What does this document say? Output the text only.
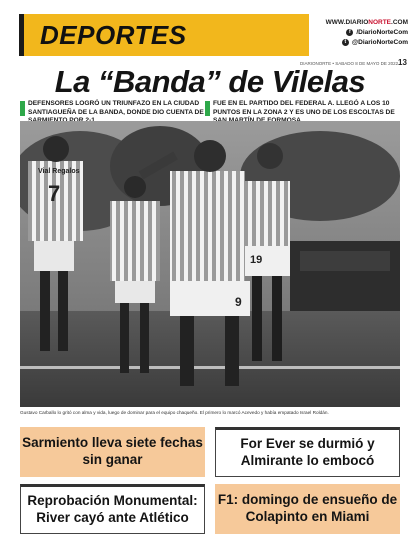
DEPORTES	WWW.DIARIONORTE.COM
f /DiarioNorteCom
t @DiarioNorteCom
DIARIONORTE • SABADO 8 DE MAYO DE 2022 13
La “Banda” de Vilelas
DEFENSORES LOGRÓ UN TRIUNFAZO EN LA CIUDAD SANTIAGUEÑA DE LA BANDA, DONDE DIO CUENTA DE
FUE EN EL PARTIDO DEL FEDERAL A. LLEGÓ A LOS 10 PUNTOS EN LA ZONA 2 Y ES UNO DE LOS ESCOLTAS DE
Vial Regalos
7
9
19
Gustavo Carballo lo gritó con alma y vida, luego de dominar para el equipo chaqueño. El primero lo marcó Acevedo y había empatado Israel Roldán.
Sarmiento lleva siete fechas sin ganar
For Ever se durmió y Almirante lo embocó
Reprobación Monumental: River cayó ante Atlético
F1: domingo de ensueño de Colapinto en Miami
